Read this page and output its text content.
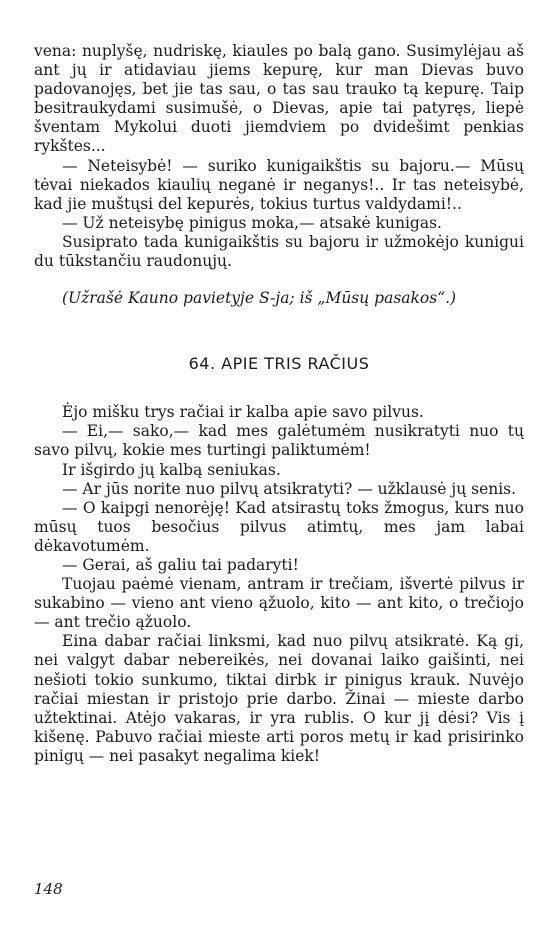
vena: nuplyšę, nudriskę, kiaules po balą gano. Susimylėjau aš ant jų ir atidaviau jiems kepurę, kur man Dievas buvo padovanojęs, bet jie tas sau, o tas sau trauko tą kepurę. Taip besitraukydami susimušė, o Dievas, apie tai patyręs, liepė šventam Mykolui duoti jiemdviem po dvidešimt penkias rykštes...

— Neteisybė! — suriko kunigaikštis su bajoru.— Mūsų tėvai niekados kiaulių neganė ir neganys!.. Ir tas neteisybė, kad jie muštųsi del kepurės, tokius turtus valdydami!..

— Už neteisybę pinigus moka,— atsakė kunigas.

Susiprato tada kunigaikštis su bajoru ir užmokėjo kunigui du tūkstančiu raudonųjų.

(Užrašė Kauno pavietyje S-ja; iš „Mūsų pasakos“.)

64. APIE TRIS RAČIUS

Ėjo mišku trys račiai ir kalba apie savo pilvus.

— Ei,— sako,— kad mes galėtumėm nusikratyti nuo tų savo pilvų, kokie mes turtingi paliktumėm!

Ir išgirdo jų kalbą seniukas.

— Ar jūs norite nuo pilvų atsikratyti? — užklausė jų senis.

— O kaipgi nenorėję! Kad atsirastų toks žmogus, kurs nuo mūsų tuos besočius pilvus atimtų, mes jam labai dėkavotumėm.

— Gerai, aš galiu tai padaryti!

Tuojau paėmė vienam, antram ir trečiam, išvertė pilvus ir sukabino — vieno ant vieno ąžuolo, kito — ant kito, o trečiojo — ant trečio ąžuolo.

Eina dabar račiai linksmi, kad nuo pilvų atsikratė. Ką gi, nei valgyt dabar nebereikės, nei dovanai laiko gaišinti, nei nešioti tokio sunkumo, tiktai dirbk ir pinigus krauk. Nuvėjo račiai miestan ir pristojo prie darbo. Žinai — mieste darbo užtektinai. Atėjo vakaras, ir yra rublis. O kur jį dėsi? Vis į kišenę. Pabuvo račiai mieste arti poros metų ir kad prisirinko pinigų — nei pasakyt negalima kiek!

148
